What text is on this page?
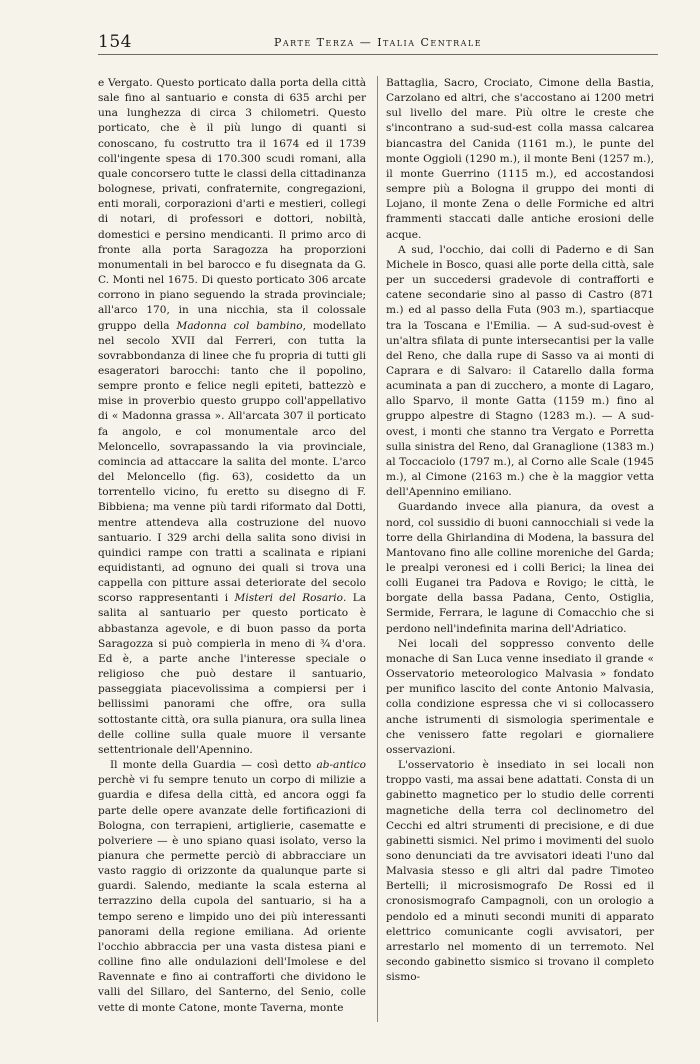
154	Parte Terza — Italia Centrale

e Vergato. Questo porticato dalla porta della città sale fino al santuario e consta di 635 archi per una lunghezza di circa 3 chilometri. Questo porticato, che è il più lungo di quanti si conoscano, fu costrutto tra il 1674 ed il 1739 coll'ingente spesa di 170.300 scudi romani, alla quale concorsero tutte le classi della cittadinanza bolognese, privati, confraternite, congregazioni, enti morali, corporazioni d'arti e mestieri, collegi di notari, di professori e dottori, nobiltà, domestici e persino mendicanti. Il primo arco di fronte alla porta Saragozza ha proporzioni monumentali in bel barocco e fu disegnata da G. C. Monti nel 1675. Di questo porticato 306 arcate corrono in piano seguendo la strada provinciale; all'arco 170, in una nicchia, sta il colossale gruppo della Madonna col bambino, modellato nel secolo XVII dal Ferreri, con tutta la sovrabbondanza di linee che fu propria di tutti gli esageratori barocchi: tanto che il popolino, sempre pronto e felice negli epiteti, battezzò e mise in proverbio questo gruppo coll'appellativo di « Madonna grassa ». All'arcata 307 il porticato fa angolo, e col monumentale arco del Meloncello, sovrapassando la via provinciale, comincia ad attaccare la salita del monte. L'arco del Meloncello (fig. 63), cosidetto da un torrentello vicino, fu eretto su disegno di F. Bibbiena; ma venne più tardi riformato dal Dotti, mentre attendeva alla costruzione del nuovo santuario. I 329 archi della salita sono divisi in quindici rampe con tratti a scalinata e ripiani equidistanti, ad ognuno dei quali si trova una cappella con pitture assai deteriorate del secolo scorso rappresentanti i Misteri del Rosario. La salita al santuario per questo porticato è abbastanza agevole, e di buon passo da porta Saragozza si può compierla in meno di ¾ d'ora. Ed è, a parte anche l'interesse speciale o religioso che può destare il santuario, passeggiata piacevolissima a compiersi per i bellissimi panorami che offre, ora sulla sottostante città, ora sulla pianura, ora sulla linea delle colline sulla quale muore il versante settentrionale dell'Apennino.

Il monte della Guardia — così detto ab-antico perchè vi fu sempre tenuto un corpo di milizie a guardia e difesa della città, ed ancora oggi fa parte delle opere avanzate delle fortificazioni di Bologna, con terrapieni, artiglierie, casematte e polveriere — è uno spiano quasi isolato, verso la pianura che permette perciò di abbracciare un vasto raggio di orizzonte da qualunque parte si guardi. Salendo, mediante la scala esterna al terrazzino della cupola del santuario, si ha a tempo sereno e limpido uno dei più interessanti panorami della regione emiliana. Ad oriente l'occhio abbraccia per una vasta distesa piani e colline fino alle ondulazioni dell'Imolese e del Ravennate e fino ai contrafforti che dividono le valli del Sillaro, del Santerno, del Senio, colle vette di monte Catone, monte Taverna, monte

Battaglia, Sacro, Crociato, Cimone della Bastia, Carzolano ed altri, che s'accostano ai 1200 metri sul livello del mare. Più oltre le creste che s'incontrano a sud-sud-est colla massa calcarea biancastra del Canida (1161 m.), le punte del monte Oggioli (1290 m.), il monte Beni (1257 m.), il monte Guerrino (1115 m.), ed accostandosi sempre più a Bologna il gruppo dei monti di Lojano, il monte Zena o delle Formiche ed altri frammenti staccati dalle antiche erosioni delle acque.

A sud, l'occhio, dai colli di Paderno e di San Michele in Bosco, quasi alle porte della città, sale per un succedersi gradevole di contrafforti e catene secondarie sino al passo di Castro (871 m.) ed al passo della Futa (903 m.), spartiacque tra la Toscana e l'Emilia. — A sud-sud-ovest è un'altra sfilata di punte intersecantisi per la valle del Reno, che dalla rupe di Sasso va ai monti di Caprara e di Salvaro: il Catarello dalla forma acuminata a pan di zucchero, a monte di Lagaro, allo Sparvo, il monte Gatta (1159 m.) fino al gruppo alpestre di Stagno (1283 m.). — A sud-ovest, i monti che stanno tra Vergato e Porretta sulla sinistra del Reno, dal Granaglione (1383 m.) al Toccaciolo (1797 m.), al Corno alle Scale (1945 m.), al Cimone (2163 m.) che è la maggior vetta dell'Apennino emiliano.

Guardando invece alla pianura, da ovest a nord, col sussidio di buoni cannocchiali si vede la torre della Ghirlandina di Modena, la bassura del Mantovano fino alle colline moreniche del Garda; le prealpi veronesi ed i colli Berici; la linea dei colli Euganei tra Padova e Rovigo; le città, le borgate della bassa Padana, Cento, Ostiglia, Sermide, Ferrara, le lagune di Comacchio che si perdono nell'indefinita marina dell'Adriatico.

Nei locali del soppresso convento delle monache di San Luca venne insediato il grande « Osservatorio meteorologico Malvasia » fondato per munifico lascito del conte Antonio Malvasia, colla condizione espressa che vi si collocassero anche istrumenti di sismologia sperimentale e che venissero fatte regolari e giornaliere osservazioni.

L'osservatorio è insediato in sei locali non troppo vasti, ma assai bene adattati. Consta di un gabinetto magnetico per lo studio delle correnti magnetiche della terra col declinometro del Cecchi ed altri strumenti di precisione, e di due gabinetti sismici. Nel primo i movimenti del suolo sono denunciati da tre avvisatori ideati l'uno dal Malvasia stesso e gli altri dal padre Timoteo Bertelli; il microsismografo De Rossi ed il cronosismografo Campagnoli, con un orologio a pendolo ed a minuti secondi muniti di apparato elettrico comunicante cogli avvisatori, per arrestarlo nel momento di un terremoto. Nel secondo gabinetto sismico si trovano il completo sismo-
